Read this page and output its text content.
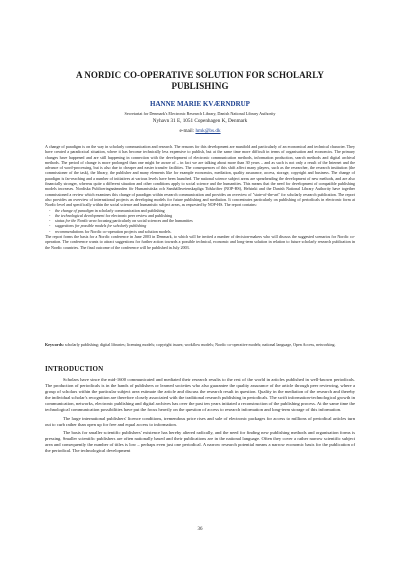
A NORDIC CO-OPERATIVE SOLUTION FOR SCHOLARLY
PUBLISHING
HANNE MARIE KVÆRNDRUP
Secretariat for Denmark's Electronic Research Library, Danish National Library Authority
Nyhavn 31 E, 1051 Copenhagen K, Denmark
e-mail: hmk@bs.dk

A change of paradigm is on the way in scholarly communication and research. The reasons for this development are manifold and particularly of an economical and technical character. They have created a paradoxical situation, where it has become technically less expensive to publish, but at the same time more difficult in terms of organisation and economics. The primary changes have happened and are still happening in connection with the development of electronic communication methods, information production, search methods and digital archival methods. The period of change is more prolonged than one might be aware of – in fact we are talking about more than 30 years – and as such is not only a result of the Internet and the advance of word-processing, but is also due to cheaper and easier transfer facilities. The consequences of this shift affect many players, such as the researcher, the research institution (the commissioner of the task), the library, the publisher and many elements like for example economics, mediation, quality assurance, access, storage, copyright and business. The change of paradigm is far-reaching and a number of initiatives at various levels have been launched. The national science subject areas are spearheading the development of new methods, and are also financially stronger, whereas quite a different situation and other conditions apply to social science and the humanities. This means that the need for development of compatible publishing models increases. Nordiska Publiceringsnämnden för Humanistiska och Samhällsvetenskapliga Tidskrifter (NOP-HS), Helsinki and the Danish National Library Authority have together commissioned a review which examines this change of paradigm within research communication and provides an overview of "state-of-the-art" for scholarly research publication. The report also provides an overview of international projects as developing models for future publishing and mediation. It concentrates particularly on publishing of periodicals in electronic form at Nordic level and specifically within the social science and humanistic subject areas, as requested by NOP-HS. The report contains:

- the change of paradigm in scholarly communication and publishing
- the technological development for electronic peer review and publishing
- status for the Nordic area focusing particularly on social sciences and the humanities
- suggestions for possible models for scholarly publishing
- recommendations for Nordic co-operation projects and solution models.

The report forms the basis for a Nordic conference in June 2003 in Denmark, to which will be invited a number of decision-makers who will discuss the suggested scenarios for Nordic co-operation. The conference wants to attract suggestions for further action towards a possible technical, economic and long-term solution in relation to future scholarly research publication in the Nordic countries. The final outcome of the conference will be published in July 2003.

Keywords: scholarly publishing; digital libraries; licensing models; copyright issues; workflow models; Nordic co-operative models; national language, Open Access, networking.
INTRODUCTION

Scholars have since the mid-1600 communicated and mediated their research results to the rest of the world in articles published in well-known periodicals. The production of periodicals is in the hands of publishers or learned societies who also guarantee the quality assurance of the article through peer reviewing, where a group of scholars within the particular subject area estimate the article and discuss the research result in question. Quality in the mediation of the research and thereby the individual scholar's recognition are therefore closely associated with the traditional research publishing in periodicals. The swift information-technological growth in communication, networks, electronic publishing and digital archives has over the past ten years initiated a reconstruction of the publishing process. At the same time the technological communication possibilities have put the focus heavily on the question of access to research information and long-term storage of this information.

The large international publishers' licence conditions, tremendous price rises and sale of electronic packages for access to millions of periodical articles turn out to curb rather than open up for free and equal access to information.

The basis for smaller scientific publishers' existence has hereby altered radically, and the need for finding new publishing methods and organisation forms is pressing. Smaller scientific publishers are often nationally based and their publications are in the national language. Often they cover a rather narrow scientific subject area and consequently the number of titles is low – perhaps even just one periodical. A narrow research potential means a narrow economic basis for the publication of the periodical. The technological development

36
